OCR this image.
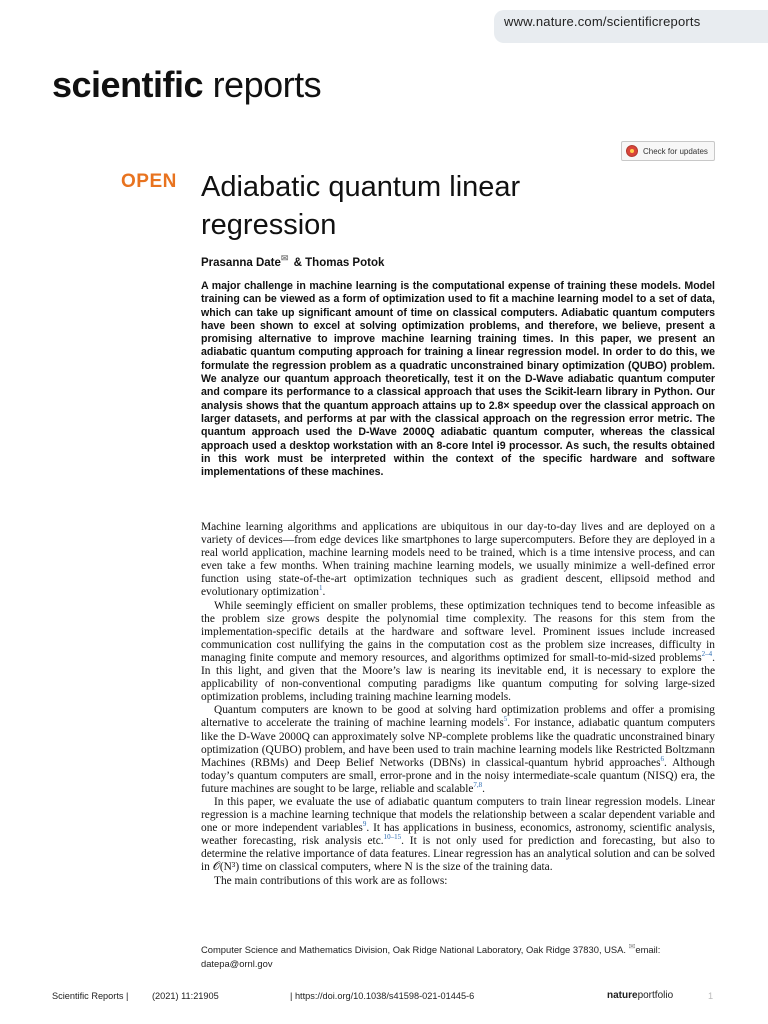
www.nature.com/scientificreports
scientific reports
Check for updates
OPEN Adiabatic quantum linear regression
Prasanna Date✉ & Thomas Potok
A major challenge in machine learning is the computational expense of training these models. Model training can be viewed as a form of optimization used to fit a machine learning model to a set of data, which can take up significant amount of time on classical computers. Adiabatic quantum computers have been shown to excel at solving optimization problems, and therefore, we believe, present a promising alternative to improve machine learning training times. In this paper, we present an adiabatic quantum computing approach for training a linear regression model. In order to do this, we formulate the regression problem as a quadratic unconstrained binary optimization (QUBO) problem. We analyze our quantum approach theoretically, test it on the D-Wave adiabatic quantum computer and compare its performance to a classical approach that uses the Scikit-learn library in Python. Our analysis shows that the quantum approach attains up to 2.8× speedup over the classical approach on larger datasets, and performs at par with the classical approach on the regression error metric. The quantum approach used the D-Wave 2000Q adiabatic quantum computer, whereas the classical approach used a desktop workstation with an 8-core Intel i9 processor. As such, the results obtained in this work must be interpreted within the context of the specific hardware and software implementations of these machines.

Machine learning algorithms and applications are ubiquitous in our day-to-day lives and are deployed on a variety of devices—from edge devices like smartphones to large supercomputers. Before they are deployed in a real world application, machine learning models need to be trained, which is a time intensive process, and can even take a few months. When training machine learning models, we usually minimize a well-defined error function using state-of-the-art optimization techniques such as gradient descent, ellipsoid method and evolutionary optimization$^1$.

While seemingly efficient on smaller problems, these optimization techniques tend to become infeasible as the problem size grows despite the polynomial time complexity. The reasons for this stem from the implementation-specific details at the hardware and software level. Prominent issues include increased communication cost nullifying the gains in the computation cost as the problem size increases, difficulty in managing finite compute and memory resources, and algorithms optimized for small-to-mid-sized problems$^{2-4}$. In this light, and given that the Moore’s law is nearing its inevitable end, it is necessary to explore the applicability of non-conventional computing paradigms like quantum computing for solving large-sized optimization problems, including training machine learning models.

Quantum computers are known to be good at solving hard optimization problems and offer a promising alternative to accelerate the training of machine learning models$^5$. For instance, adiabatic quantum computers like the D-Wave 2000Q can approximately solve NP-complete problems like the quadratic unconstrained binary optimization (QUBO) problem, and have been used to train machine learning models like Restricted Boltzmann Machines (RBMs) and Deep Belief Networks (DBNs) in classical-quantum hybrid approaches$^6$. Although today’s quantum computers are small, error-prone and in the noisy intermediate-scale quantum (NISQ) era, the future machines are sought to be large, reliable and scalable$^{7,8}$.

In this paper, we evaluate the use of adiabatic quantum computers to train linear regression models. Linear regression is a machine learning technique that models the relationship between a scalar dependent variable and one or more independent variables$^9$. It has applications in business, economics, astronomy, scientific analysis, weather forecasting, risk analysis etc.$^{10-15}$. It is not only used for prediction and forecasting, but also to determine the relative importance of data features. Linear regression has an analytical solution and can be solved in 𝒪(N³) time on classical computers, where N is the size of the training data.

The main contributions of this work are as follows:

Computer Science and Mathematics Division, Oak Ridge National Laboratory, Oak Ridge 37830, USA. ✉email: datepa@ornl.gov
Scientific Reports |	(2021) 11:21905	| https://doi.org/10.1038/s41598-021-01445-6	natureportfolio	1
